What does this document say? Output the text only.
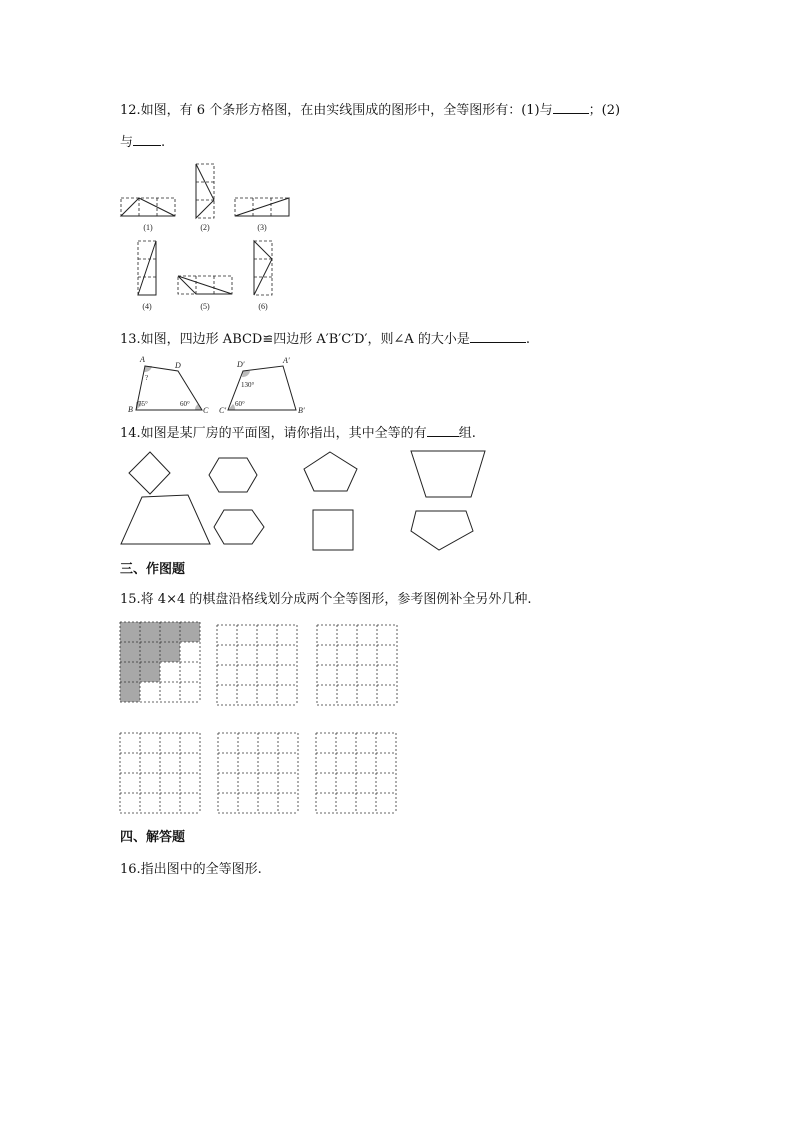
12.如图，有 6 个条形方格图，在由实线围成的图形中，全等图形有：(1)与	；(2)
与 .
(1)	(2)	(3)
(4)	(5)	(6)
13.如图，四边形 ABCD≌四边形 A′B′C′D′，则∠A 的大小是	.
A
D
B	C
D′	A′
C′	B′
?
75°	60°
130°
60°
14.如图是某厂房的平面图，请你指出，其中全等的有 组.
三、作图题
15.将 4×4 的棋盘沿格线划分成两个全等图形，参考图例补全另外几种.
四、解答题
16.指出图中的全等图形.
